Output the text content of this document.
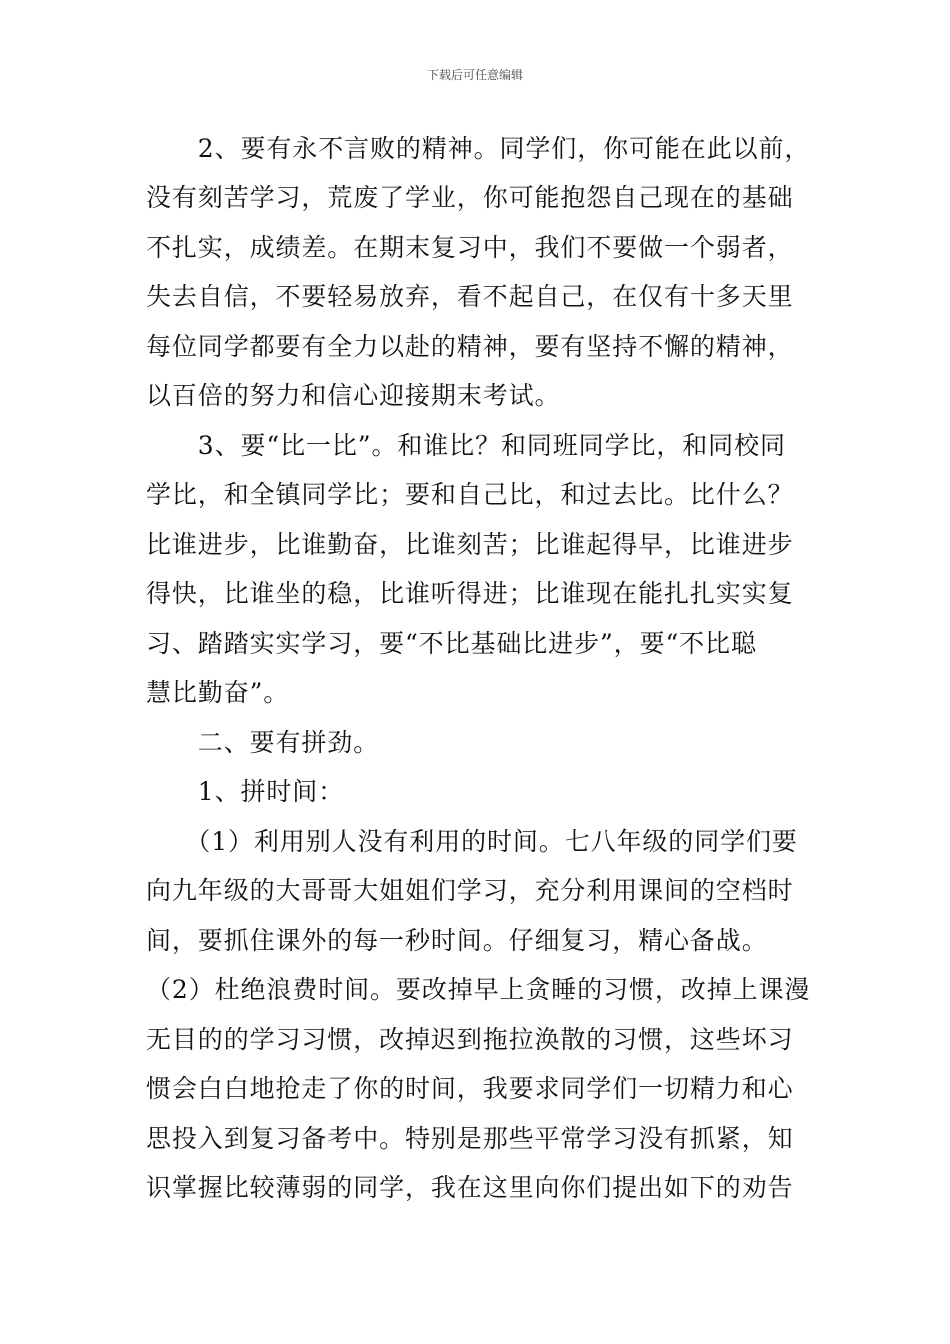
下载后可任意编辑
　　2、要有永不言败的精神。同学们，你可能在此以前，
没有刻苦学习，荒废了学业，你可能抱怨自己现在的基础
不扎实，成绩差。在期末复习中，我们不要做一个弱者，
失去自信，不要轻易放弃，看不起自己，在仅有十多天里
每位同学都要有全力以赴的精神，要有坚持不懈的精神，
以百倍的努力和信心迎接期末考试。
　　3、要“比一比”。和谁比？和同班同学比，和同校同
学比，和全镇同学比；要和自己比，和过去比。比什么？
比谁进步，比谁勤奋，比谁刻苦；比谁起得早，比谁进步
得快，比谁坐的稳，比谁听得进；比谁现在能扎扎实实复
习、踏踏实实学习，要“不比基础比进步”，要“不比聪
慧比勤奋”。
　　二、要有拼劲。
　　1、拼时间：
　　（1）利用别人没有利用的时间。七八年级的同学们要
向九年级的大哥哥大姐姐们学习，充分利用课间的空档时
间，要抓住课外的每一秒时间。仔细复习，精心备战。
（2）杜绝浪费时间。要改掉早上贪睡的习惯，改掉上课漫
无目的的学习习惯，改掉迟到拖拉涣散的习惯，这些坏习
惯会白白地抢走了你的时间，我要求同学们一切精力和心
思投入到复习备考中。特别是那些平常学习没有抓紧，知
识掌握比较薄弱的同学，我在这里向你们提出如下的劝告
